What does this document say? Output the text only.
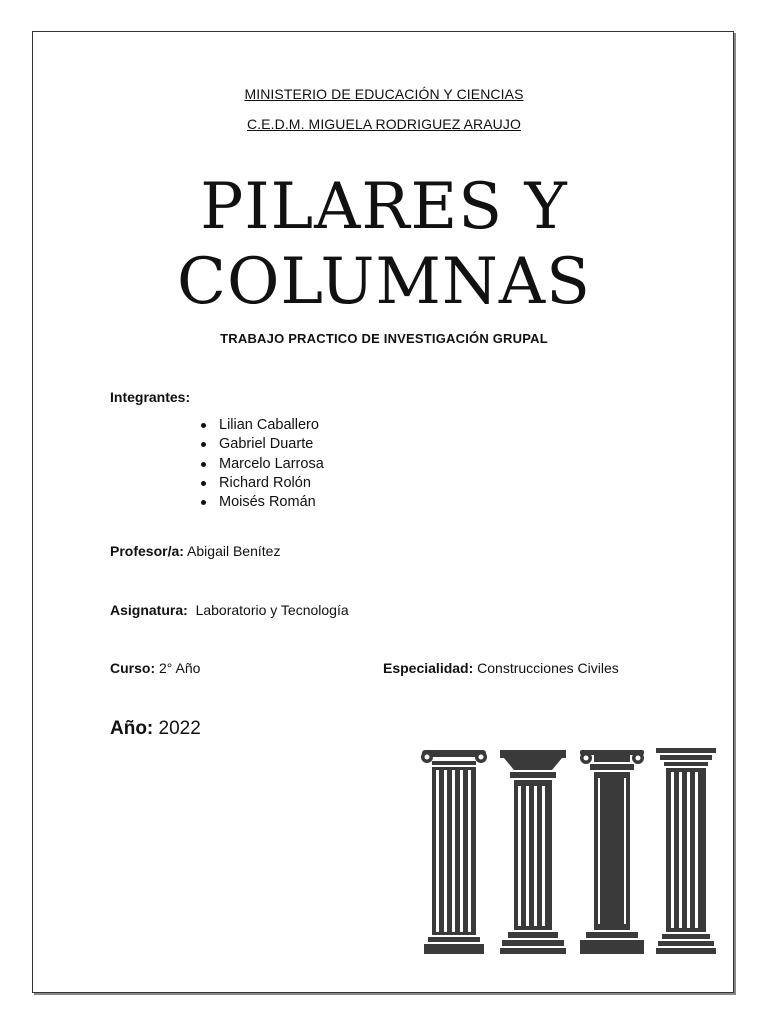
MINISTERIO DE EDUCACIÓN Y CIENCIAS
C.E.D.M. MIGUELA RODRIGUEZ ARAUJO
PILARES Y
COLUMNAS
TRABAJO PRACTICO DE INVESTIGACIÓN GRUPAL
Integrantes:
Lilian Caballero
Gabriel Duarte
Marcelo Larrosa
Richard Rolón
Moisés Román
Profesor/a: Abigail Benítez
Asignatura: Laboratorio y Tecnología
Curso: 2° Año	Especialidad: Construcciones Civiles
Año: 2022
